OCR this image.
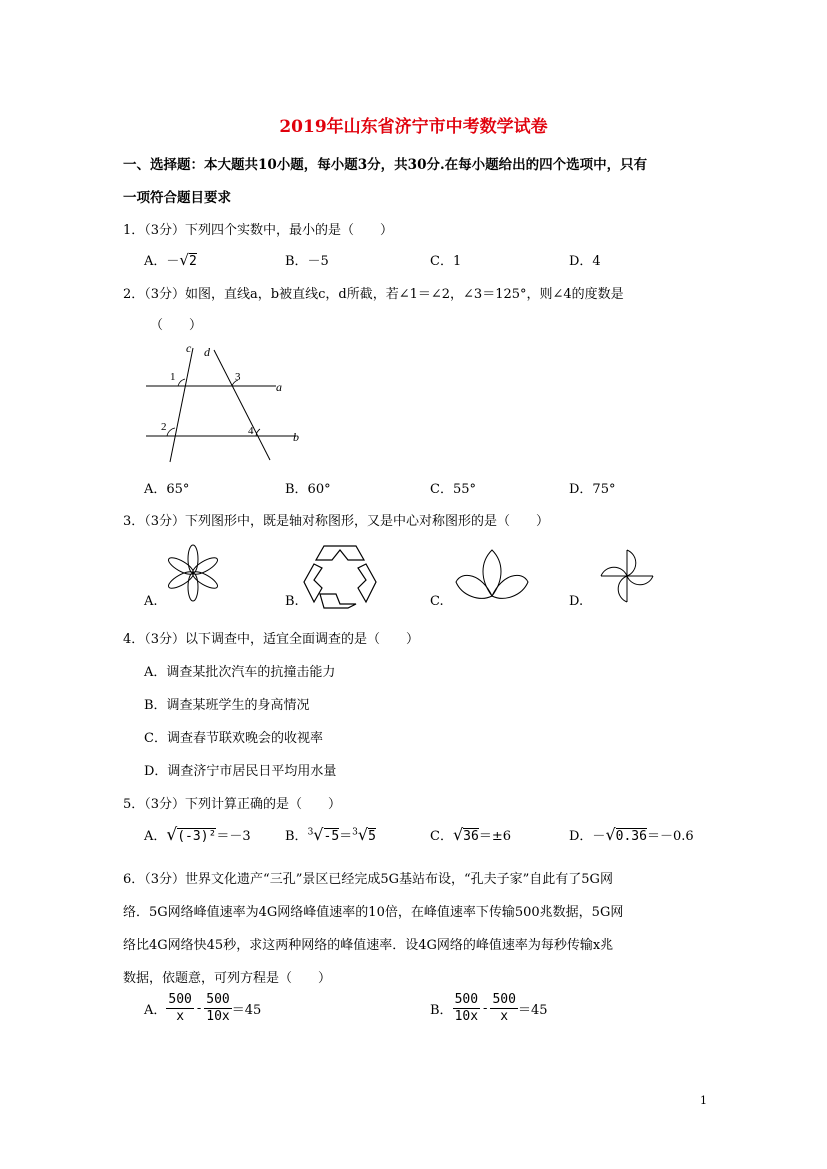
2019年山东省济宁市中考数学试卷
一、选择题：本大题共10小题，每小题3分，共30分.在每小题给出的四个选项中，只有
一项符合题目要求
1．（3分）下列四个实数中，最小的是（　　）
A．－√2	B．－5	C．1	D．4
2．（3分）如图，直线a，b被直线c，d所截，若∠1＝∠2，∠3＝125°，则∠4的度数是
（　　）
c d
a
b
1
2
3
4
A．65°	B．60°	C．55°	D．75°
3．（3分）下列图形中，既是轴对称图形，又是中心对称图形的是（　　）
A.	B.	C.	D.
4．（3分）以下调查中，适宜全面调查的是（　　）
A．调查某批次汽车的抗撞击能力
B．调查某班学生的身高情况
C．调查春节联欢晚会的收视率
D．调查济宁市居民日平均用水量
5．（3分）下列计算正确的是（　　）
A．√(-3)²＝－3	B．$^3$√-5＝$^3$√5	C．√36＝±6	D．－√0.36＝－0.6
6．（3分）世界文化遗产“三孔”景区已经完成5G基站布设，“孔夫子家”自此有了5G网
络．5G网络峰值速率为4G网络峰值速率的10倍，在峰值速率下传输500兆数据，5G网
络比4G网络快45秒，求这两种网络的峰值速率．设4G网络的峰值速率为每秒传输x兆
数据，依题意，可列方程是（　　）
A． $\frac{500}{x} - \frac{500}{10x} =45$	B． $\frac{500}{10x} - \frac{500}{x} =45$
1
